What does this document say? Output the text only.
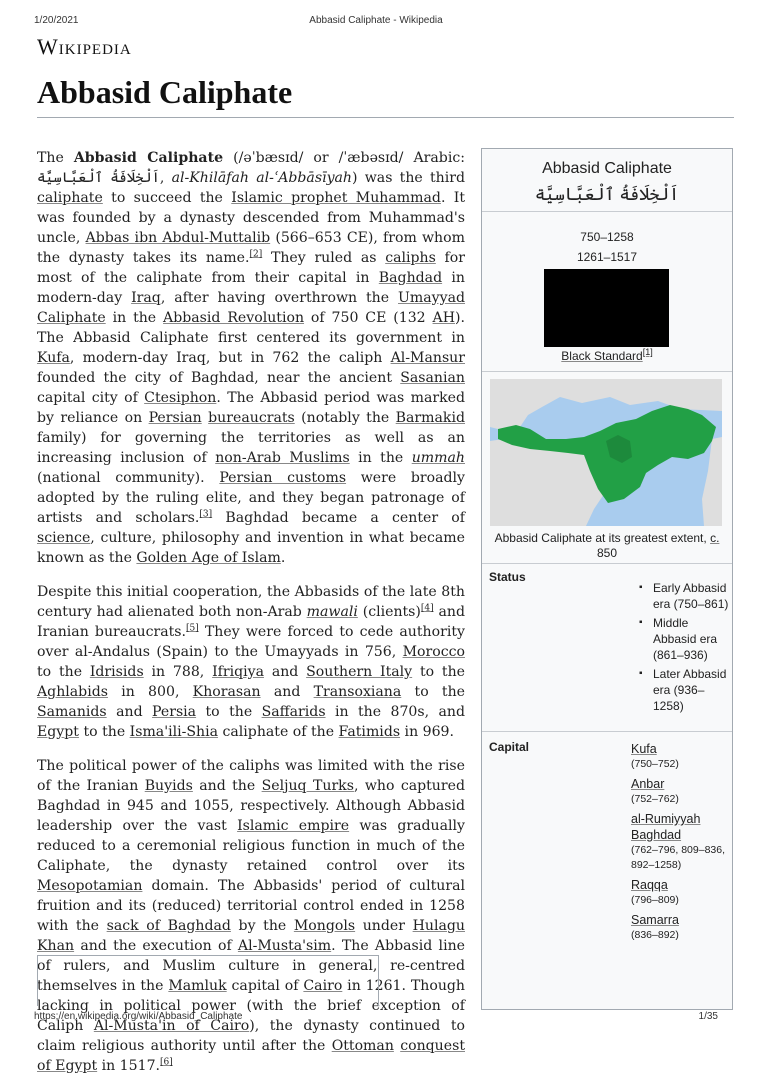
1/20/2021	Abbasid Caliphate - Wikipedia
Wikipedia
Abbasid Caliphate

The Abbasid Caliphate (/əˈbæsɪd/ or /ˈæbəsɪd/ Arabic: اَلْخِلَافَةُ ٱلْعَبَّاسِيَّة, al-Khilāfah al-ʿAbbāsīyah) was the third caliphate to succeed the Islamic prophet Muhammad. It was founded by a dynasty descended from Muhammad's uncle, Abbas ibn Abdul-Muttalib (566–653 CE), from whom the dynasty takes its name.[2] They ruled as caliphs for most of the caliphate from their capital in Baghdad in modern-day Iraq, after having overthrown the Umayyad Caliphate in the Abbasid Revolution of 750 CE (132 AH). The Abbasid Caliphate first centered its government in Kufa, modern-day Iraq, but in 762 the caliph Al-Mansur founded the city of Baghdad, near the ancient Sasanian capital city of Ctesiphon. The Abbasid period was marked by reliance on Persian bureaucrats (notably the Barmakid family) for governing the territories as well as an increasing inclusion of non-Arab Muslims in the ummah (national community). Persian customs were broadly adopted by the ruling elite, and they began patronage of artists and scholars.[3] Baghdad became a center of science, culture, philosophy and invention in what became known as the Golden Age of Islam.

Despite this initial cooperation, the Abbasids of the late 8th century had alienated both non-Arab mawali (clients)[4] and Iranian bureaucrats.[5] They were forced to cede authority over al-Andalus (Spain) to the Umayyads in 756, Morocco to the Idrisids in 788, Ifriqiya and Southern Italy to the Aghlabids in 800, Khorasan and Transoxiana to the Samanids and Persia to the Saffarids in the 870s, and Egypt to the Isma'ili-Shia caliphate of the Fatimids in 969.

The political power of the caliphs was limited with the rise of the Iranian Buyids and the Seljuq Turks, who captured Baghdad in 945 and 1055, respectively. Although Abbasid leadership over the vast Islamic empire was gradually reduced to a ceremonial religious function in much of the Caliphate, the dynasty retained control over its Mesopotamian domain. The Abbasids' period of cultural fruition and its (reduced) territorial control ended in 1258 with the sack of Baghdad by the Mongols under Hulagu Khan and the execution of Al-Musta'sim. The Abbasid line of rulers, and Muslim culture in general, re-centred themselves in the Mamluk capital of Cairo in 1261. Though lacking in political power (with the brief exception of Caliph Al-Musta'in of Cairo), the dynasty continued to claim religious authority until after the Ottoman conquest of Egypt in 1517.[6]

Abbasid Caliphate
اَلْخِلَافَةُ ٱلْعَبَّاسِيَّة
750–1258
1261–1517
Black Standard[1]
Abbasid Caliphate at its greatest extent, c. 850
Status
▪ Early Abbasid era (750–861)
▪ Middle Abbasid era (861–936)
▪ Later Abbasid era (936–1258)
Capital	Kufa
(750–752)
Anbar
(752–762)
al-Rumiyyah
Baghdad
(762–796, 809–836, 892–1258)
Raqqa
(796–809)
Samarra
(836–892)
https://en.wikipedia.org/wiki/Abbasid_Caliphate	1/35
